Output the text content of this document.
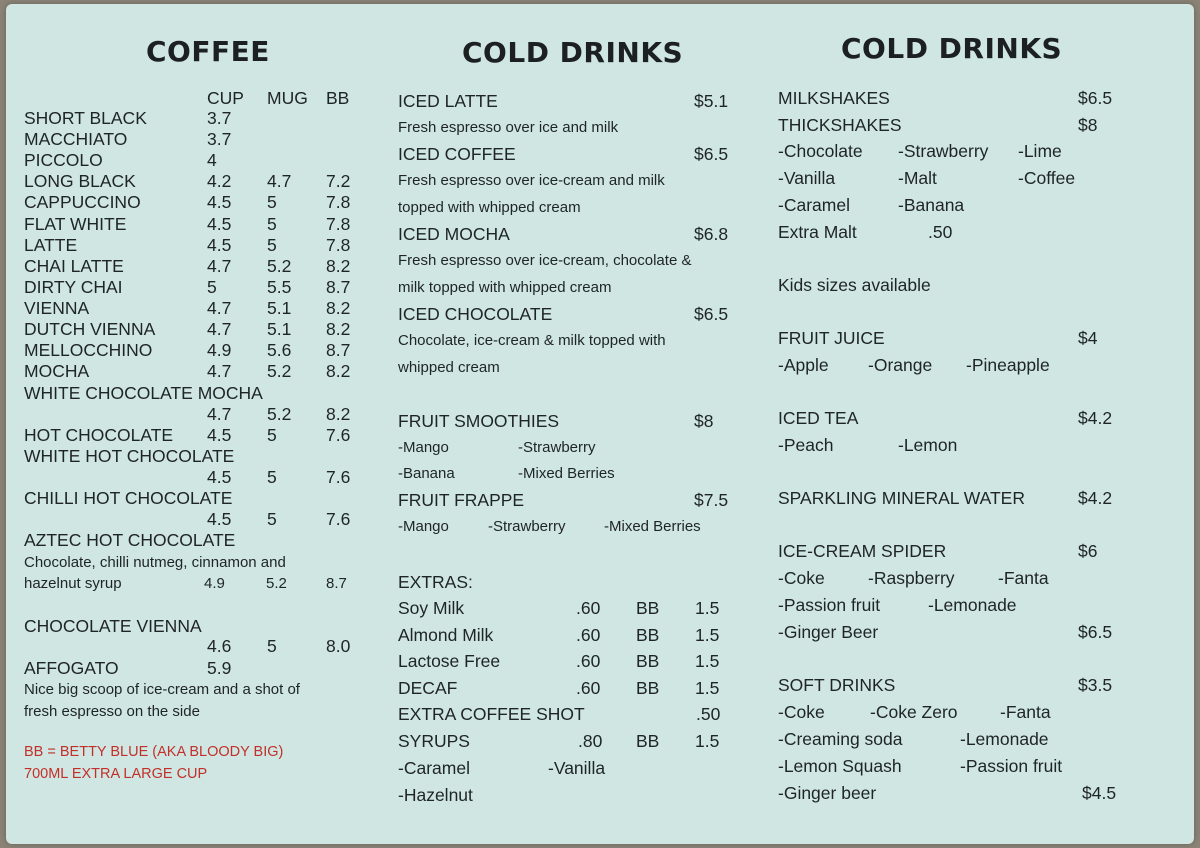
COFFEE
CUP MUG BB
SHORT BLACK	3.7
MACCHIATO	3.7
PICCOLO	4
LONG BLACK	4.2 4.7 7.2
CAPPUCCINO	4.5 5	7.8
FLAT WHITE	4.5 5	7.8
LATTE	4.5 5	7.8
CHAI LATTE	4.7 5.2 8.2
DIRTY CHAI	5	5.5 8.7
VIENNA	4.7 5.1 8.2
DUTCH VIENNA	4.7 5.1 8.2
MELLOCCHINO	4.9 5.6 8.7
MOCHA	4.7 5.2 8.2
WHITE CHOCOLATE MOCHA
4.7 5.2 8.2
HOT CHOCOLATE 4.5 5	7.6
WHITE HOT CHOCOLATE
4.5 5	7.6
CHILLI HOT CHOCOLATE
4.5 5	7.6
AZTEC HOT CHOCOLATE
Chocolate, chilli nutmeg, cinnamon and
hazelnut syrup	4.9	5.2	8.7
CHOCOLATE VIENNA
4.6 5	8.0
AFFOGATO	5.9
Nice big scoop of ice-cream and a shot of
fresh espresso on the side
BB = BETTY BLUE (AKA BLOODY BIG)
700ML EXTRA LARGE CUP
COLD DRINKS
ICED LATTE	$5.1
Fresh espresso over ice and milk
ICED COFFEE	$6.5
Fresh espresso over ice-cream and milk
topped with whipped cream
ICED MOCHA	$6.8
Fresh espresso over ice-cream, chocolate &
milk topped with whipped cream
ICED CHOCOLATE	$6.5
Chocolate, ice-cream & milk topped with
whipped cream
FRUIT SMOOTHIES	$8
-Mango	-Strawberry
-Banana	-Mixed Berries
FRUIT FRAPPE	$7.5
-Mango	-Strawberry	-Mixed Berries
EXTRAS:
Soy Milk	.60 BB 1.5
Almond Milk	.60 BB 1.5
Lactose Free	.60 BB 1.5
DECAF	.60 BB 1.5
EXTRA COFFEE SHOT	.50
SYRUPS	.80 BB 1.5
-Caramel	-Vanilla
-Hazelnut
COLD DRINKS
MILKSHAKES	$6.5
THICKSHAKES	$8
-Chocolate -Strawberry -Lime
-Vanilla	-Malt	-Coffee
-Caramel	-Banana
Extra Malt	.50
Kids sizes available
FRUIT JUICE	$4
-Apple -Orange -Pineapple
ICED TEA	$4.2
-Peach	-Lemon
SPARKLING MINERAL WATER	$4.2
ICE-CREAM SPIDER	$6
-Coke -Raspberry -Fanta
-Passion fruit	-Lemonade
-Ginger Beer	$6.5
SOFT DRINKS	$3.5
-Coke	-Coke Zero -Fanta
-Creaming soda	-Lemonade
-Lemon Squash	-Passion fruit
-Ginger beer	$4.5
